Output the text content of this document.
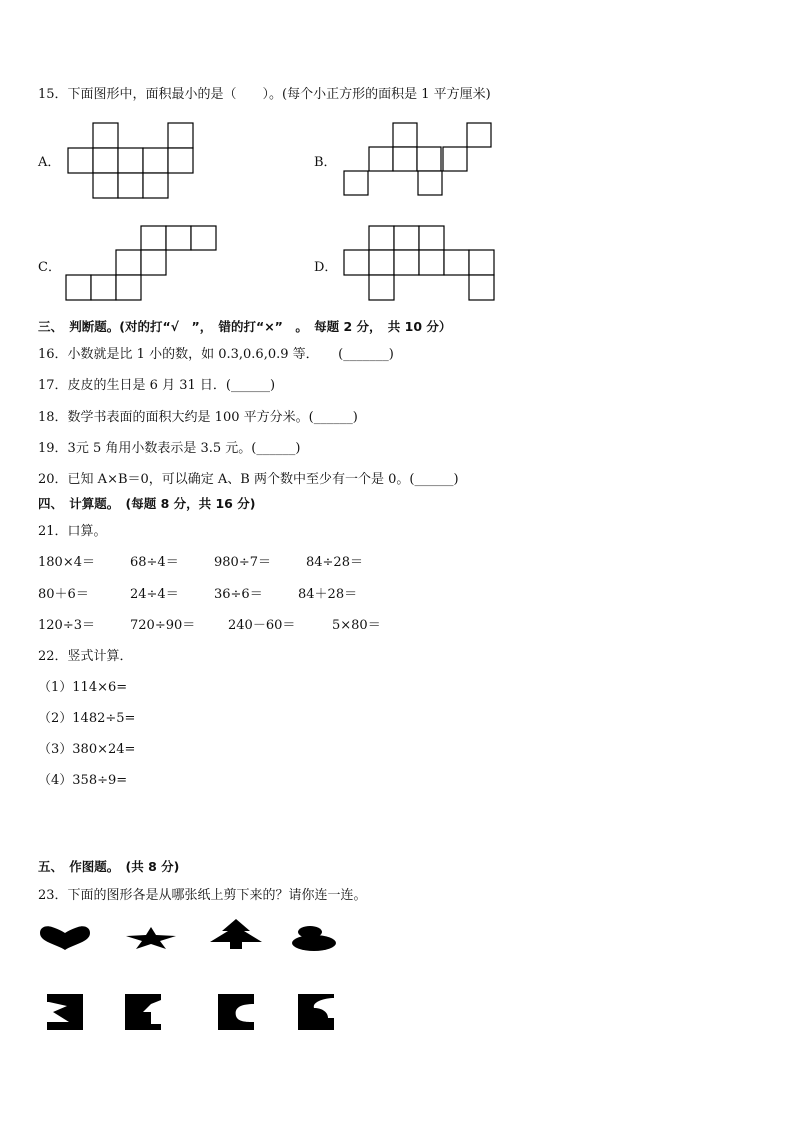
15．下面图形中，面积最小的是（　　）。(每个小正方形的面积是 1 平方厘米)
A．	B．
C．	D．
三、　判断题。(对的打“√　”，　错的打“×”　。　每题 2 分，　共 10 分）
16．小数就是比 1 小的数，如 0.3,0.6,0.9 等．　　(_______)
17．皮皮的生日是 6 月 31 日．(______)
18．数学书表面的面积大约是 100 平方分米。(______)
19．3元 5 角用小数表示是 3.5 元。(______)
20．已知 A×B＝0，可以确定 A、B 两个数中至少有一个是 0。(______)
四、　计算题。　(每题 8 分，共 16 分)
21．口算。
180×4＝	68÷4＝	980÷7＝	84÷28＝
80＋6＝	24÷4＝	36÷6＝	84＋28＝
120÷3＝	720÷90＝	240－60＝	5×80＝
22．竖式计算．
（1）114×6=
（2）1482÷5=
（3）380×24=
（4）358÷9=
五、　作图题。　(共 8 分)
23．下面的图形各是从哪张纸上剪下来的？请你连一连。
